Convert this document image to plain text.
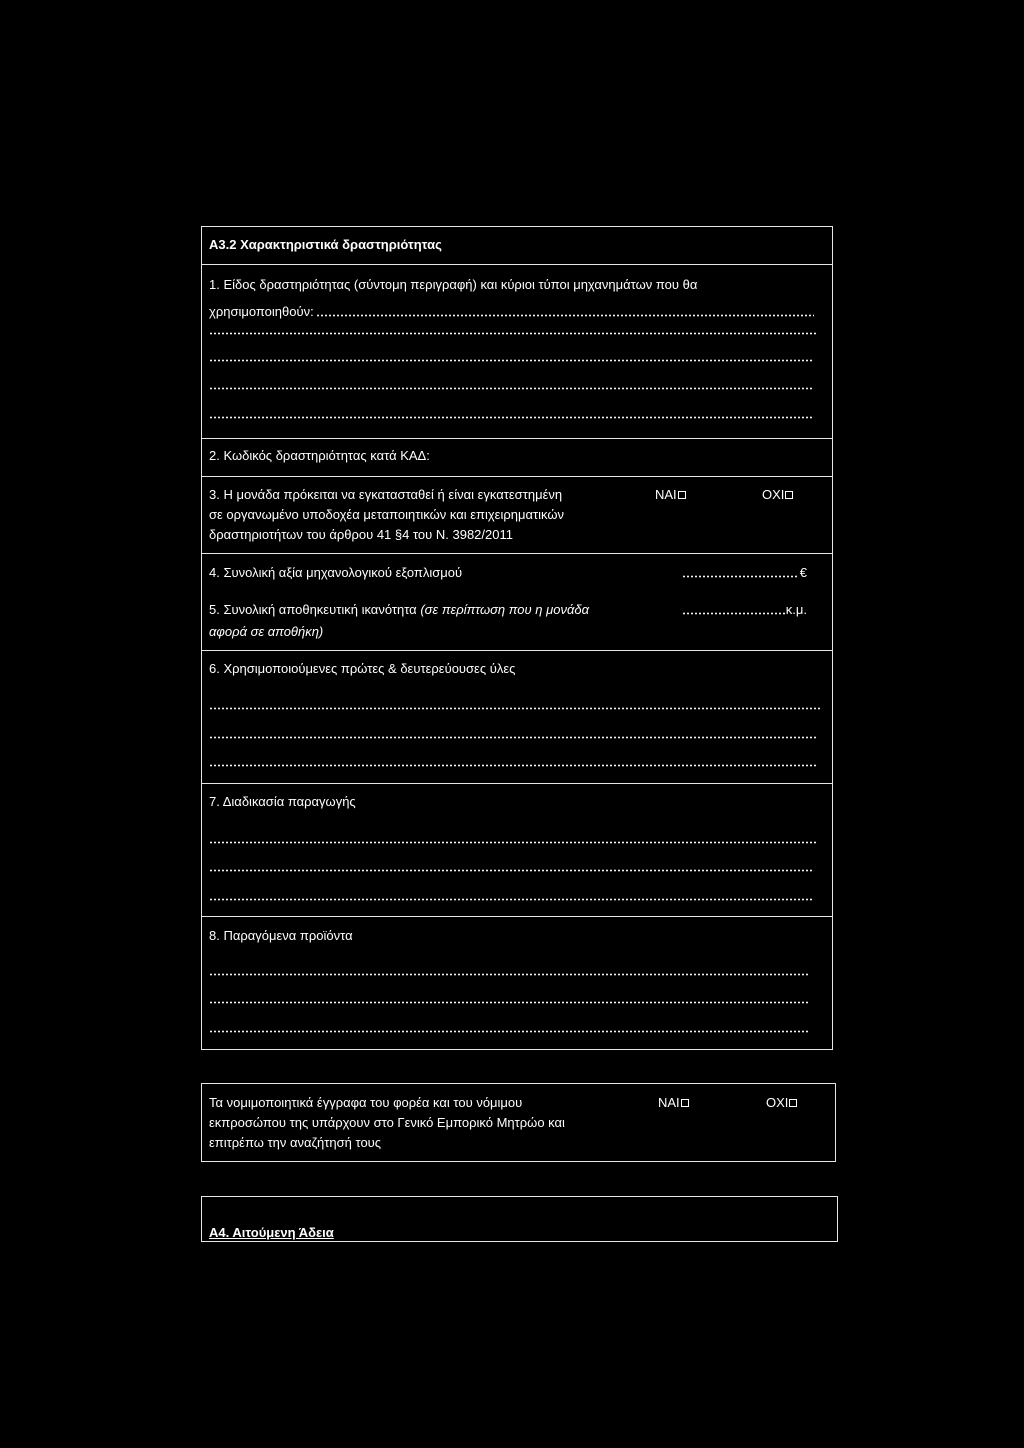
Α3.2 Χαρακτηριστικά δραστηριότητας
1. Είδος δραστηριότητας (σύντομη περιγραφή) και κύριοι τύποι μηχανημάτων που θα
χρησιμοποιηθούν:
2. Κωδικός δραστηριότητας κατά ΚΑΔ:
3. Η μονάδα πρόκειται να εγκατασταθεί ή είναι εγκατεστημένη
σε οργανωμένο υποδοχέα μεταποιητικών και επιχειρηματικών
δραστηριοτήτων του άρθρου 41 §4 του Ν. 3982/2011
ΝΑΙ	ΟΧΙ
4. Συνολική αξία μηχανολογικού εξοπλισμού	€
5. Συνολική αποθηκευτική ικανότητα (σε περίπτωση που η μονάδα
αφορά σε αποθήκη)
κ.μ.
6. Χρησιμοποιούμενες πρώτες & δευτερεύουσες ύλες
7. Διαδικασία παραγωγής
8. Παραγόμενα προϊόντα
Τα νομιμοποιητικά έγγραφα του φορέα και του νόμιμου
εκπροσώπου της υπάρχουν στο Γενικό Εμπορικό Μητρώο και
επιτρέπω την αναζήτησή τους
ΝΑΙ	ΟΧΙ
Α4. Αιτούμενη Άδεια
